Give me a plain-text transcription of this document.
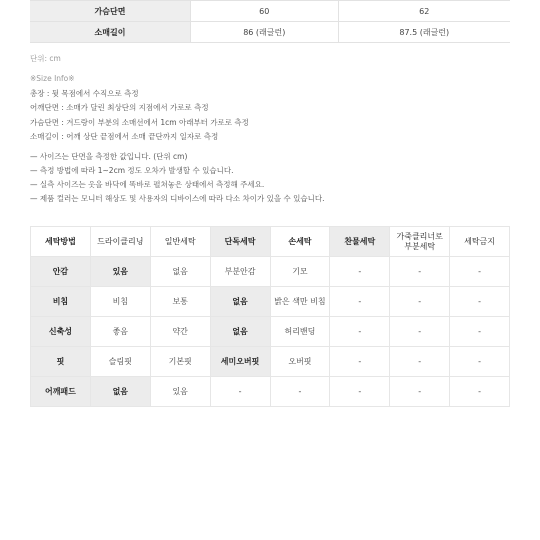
가슴단면	60	62
소매길이	86 (래글런)	87.5 (래글런)
단위: cm
※Size Info※
총장 : 뒷 목점에서 수직으로 측정
어깨단면 : 소매가 달린 최상단의 지점에서 가로로 측정
가슴단면 : 겨드랑이 부분의 소매선에서 1cm 아래부터 가로로 측정
소매길이 : 어깨 상단 끝점에서 소매 끝단까지 일자로 측정
— 사이즈는 단면을 측정한 값입니다. (단위 cm)
— 측정 방법에 따라 1~2cm 정도 오차가 발생할 수 있습니다.
— 실측 사이즈는 옷을 바닥에 똑바로 펼쳐놓은 상태에서 측정해 주세요.
— 제품 컬러는 모니터 해상도 및 사용자의 디바이스에 따라 다소 차이가 있을 수 있습니다.
세탁방법	드라이클리닝	일반세탁	단독세탁	손세탁	찬물세탁	가죽클리너로 부분세탁	세탁금지
안감	있음	없음	부분안감	기모	-	-	-
비침	비침	보통	없음	밝은 색만 비침	-	-	-
신축성	좋음	약간	없음	허리밴딩	-	-	-
핏	슬림핏	기본핏	세미오버핏	오버핏	-	-	-
어깨패드	없음	있음	-	-	-	-	-
